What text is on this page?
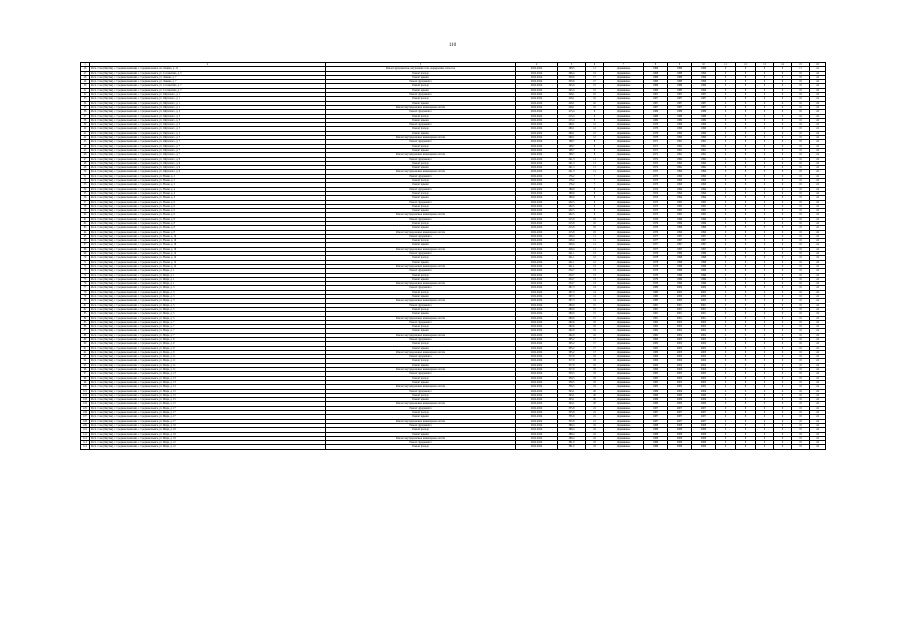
110
1	2	3	4	5	6	7	8	9	10	11	12	13	14	15	16
26	Респ. Саха (Якутия), г. Среднеколымский, с. Среднеколымск, пл. Ленина, д. 12	Ремонт фундаментов, внутренних стен, перекрытий, отмосток	2022-2024	198,5	11	Деревянные	1968	1988	1988	0	8	0	0	11	24
27	Респ. Саха (Якутия), г. Среднеколымский, с. Среднеколымск, ул. Соломатина, д. 5	Ремонт фасада	2022-2024	296,4	14	Деревянные	1968	1988	1994	0	8	0	0	10	24
28	Респ. Саха (Якутия), г. Среднеколымский, с. Среднеколымск, ул. Ленина, д. 7	Ремонт крыши	2022-2024	350,6	17	Деревянные	1969	1989	1996	0	8	0	0	10	24
29	Респ. Саха (Якутия), г. Среднеколымский, с. Среднеколымск, ул. Ленина, д. 7	Ремонт фундамента	2022-2024	350,6	17	Деревянные	1969	1989	1996	0	8	0	0	10	24
30	Респ. Саха (Якутия), г. Среднеколымский, с. Среднеколымск, ул. Соломатина, д. 7	Ремонт фасада	2022-2024	345,0	15	Деревянные	1969	1989	1996	0	8	0	0	10	24
31	Респ. Саха (Якутия), г. Среднеколымский, с. Среднеколымск, ул. Соломатина, д. 7	Ремонт крыши	2022-2024	345,0	15	Деревянные	1969	1989	1996	0	8	0	0	10	24
32	Респ. Саха (Якутия), г. Среднеколымский, с. Среднеколымск, ул. Ойунского, д. 1	Ремонт фундамента	2022-2024	228,1	10	Деревянные	1967	1987	1987	0	8	0	0	10	24
33	Респ. Саха (Якутия), г. Среднеколымский, с. Среднеколымск, ул. Ойунского, д. 1	Ремонт фасада	2022-2024	228,1	10	Деревянные	1967	1987	1987	0	8	0	0	10	24
34	Респ. Саха (Якутия), г. Среднеколымский, с. Среднеколымск, ул. Ойунского, д. 1	Ремонт крыши	2022-2024	228,1	10	Деревянные	1967	1987	1987	0	8	0	0	10	24
35	Респ. Саха (Якутия), г. Среднеколымский, с. Среднеколымск, ул. Ойунского, д. 1	Ремонт внутридомовых инженерных систем	2022-2024	228,1	10	Деревянные	1967	1987	1987	0	8	0	0	10	24
36	Респ. Саха (Якутия), г. Среднеколымский, с. Среднеколымск, ул. Ойунского, д. 3	Ремонт фундамента	2022-2024	215,4	9	Деревянные	1969	1989	1989	0	8	0	0	10	24
37	Респ. Саха (Якутия), г. Среднеколымский, с. Среднеколымск, ул. Ойунского, д. 3	Ремонт фасада	2022-2024	215,4	9	Деревянные	1969	1989	1989	0	8	0	0	10	24
38	Респ. Саха (Якутия), г. Среднеколымский, с. Среднеколымск, ул. Ойунского, д. 3	Ремонт крыши	2022-2024	215,4	9	Деревянные	1969	1989	1989	0	8	0	0	10	24
39	Респ. Саха (Якутия), г. Среднеколымский, с. Среднеколымск, ул. Ойунского, д. 5	Ремонт фундамента	2022-2024	260,1	12	Деревянные	1970	1990	1990	0	8	0	0	10	24
40	Респ. Саха (Якутия), г. Среднеколымский, с. Среднеколымск, ул. Ойунского, д. 5	Ремонт фасада	2022-2024	260,1	12	Деревянные	1970	1990	1990	0	8	0	0	10	24
41	Респ. Саха (Якутия), г. Среднеколымский, с. Среднеколымск, ул. Ойунского, д. 5	Ремонт крыши	2022-2024	260,1	12	Деревянные	1970	1990	1990	0	8	0	0	10	24
42	Респ. Саха (Якутия), г. Среднеколымский, с. Среднеколымск, ул. Ойунского, д. 5	Ремонт внутридомовых инженерных систем	2022-2024	260,1	12	Деревянные	1970	1990	1990	0	8	0	0	10	24
43	Респ. Саха (Якутия), г. Среднеколымский, с. Среднеколымск, ул. Ойунского, д. 7	Ремонт фундамента	2022-2024	198,7	8	Деревянные	1971	1991	1991	0	8	0	0	10	24
44	Респ. Саха (Якутия), г. Среднеколымский, с. Среднеколымск, ул. Ойунского, д. 7	Ремонт фасада	2022-2024	198,7	8	Деревянные	1971	1991	1991	0	8	0	0	10	24
45	Респ. Саха (Якутия), г. Среднеколымский, с. Среднеколымск, ул. Ойунского, д. 7	Ремонт крыши	2022-2024	198,7	8	Деревянные	1971	1991	1991	0	8	0	0	10	24
46	Респ. Саха (Якутия), г. Среднеколымский, с. Среднеколымск, ул. Ойунского, д. 7	Ремонт внутридомовых инженерных систем	2022-2024	198,7	8	Деревянные	1971	1991	1991	0	8	0	0	10	24
47	Респ. Саха (Якутия), г. Среднеколымский, с. Среднеколымск, ул. Ойунского, д. 9	Ремонт фундамента	2022-2024	241,3	11	Деревянные	1972	1992	1992	0	8	0	0	10	24
48	Респ. Саха (Якутия), г. Среднеколымский, с. Среднеколымск, ул. Ойунского, д. 9	Ремонт фасада	2022-2024	241,3	11	Деревянные	1972	1992	1992	0	8	0	0	10	24
49	Респ. Саха (Якутия), г. Среднеколымский, с. Среднеколымск, ул. Ойунского, д. 9	Ремонт крыши	2022-2024	241,3	11	Деревянные	1972	1992	1992	0	8	0	0	10	24
50	Респ. Саха (Якутия), г. Среднеколымский, с. Среднеколымск, ул. Ойунского, д. 9	Ремонт внутридомовых инженерных систем	2022-2024	241,3	11	Деревянные	1972	1992	1992	0	8	0	0	10	24
51	Респ. Саха (Якутия), г. Среднеколымский, с. Среднеколымск, ул. Новая, д. 2	Ремонт фундамента	2022-2024	176,2	7	Деревянные	1973	1993	1993	0	8	0	0	10	24
52	Респ. Саха (Якутия), г. Среднеколымский, с. Среднеколымск, ул. Новая, д. 2	Ремонт фасада	2022-2024	176,2	7	Деревянные	1973	1993	1993	0	8	0	0	10	24
53	Респ. Саха (Якутия), г. Среднеколымский, с. Среднеколымск, ул. Новая, д. 2	Ремонт крыши	2022-2024	176,2	7	Деревянные	1973	1993	1993	0	8	0	0	10	24
54	Респ. Саха (Якутия), г. Среднеколымский, с. Среднеколымск, ул. Новая, д. 4	Ремонт фундамента	2022-2024	189,9	8	Деревянные	1974	1994	1994	0	8	0	0	10	24
55	Респ. Саха (Якутия), г. Среднеколымский, с. Среднеколымск, ул. Новая, д. 4	Ремонт фасада	2022-2024	189,9	8	Деревянные	1974	1994	1994	0	8	0	0	10	24
56	Респ. Саха (Якутия), г. Среднеколымский, с. Среднеколымск, ул. Новая, д. 4	Ремонт крыши	2022-2024	189,9	8	Деревянные	1974	1994	1994	0	8	0	0	10	24
57	Респ. Саха (Якутия), г. Среднеколымский, с. Среднеколымск, ул. Новая, д. 6	Ремонт фундамента	2022-2024	202,5	9	Деревянные	1975	1995	1995	0	8	0	0	10	24
58	Респ. Саха (Якутия), г. Среднеколымский, с. Среднеколымск, ул. Новая, д. 6	Ремонт фасада	2022-2024	202,5	9	Деревянные	1975	1995	1995	0	8	0	0	10	24
59	Респ. Саха (Якутия), г. Среднеколымский, с. Среднеколымск, ул. Новая, д. 6	Ремонт крыши	2022-2024	202,5	9	Деревянные	1975	1995	1995	0	8	0	0	10	24
60	Респ. Саха (Якутия), г. Среднеколымский, с. Среднеколымск, ул. Новая, д. 6	Ремонт внутридомовых инженерных систем	2022-2024	202,5	9	Деревянные	1975	1995	1995	0	8	0	0	10	24
61	Респ. Саха (Якутия), г. Среднеколымский, с. Среднеколымск, ул. Новая, д. 8	Ремонт фундамента	2022-2024	215,8	10	Деревянные	1976	1996	1996	0	8	0	0	10	24
62	Респ. Саха (Якутия), г. Среднеколымский, с. Среднеколымск, ул. Новая, д. 8	Ремонт фасада	2022-2024	215,8	10	Деревянные	1976	1996	1996	0	8	0	0	10	24
63	Респ. Саха (Якутия), г. Среднеколымский, с. Среднеколымск, ул. Новая, д. 8	Ремонт крыши	2022-2024	215,8	10	Деревянные	1976	1996	1996	0	8	0	0	10	24
64	Респ. Саха (Якутия), г. Среднеколымский, с. Среднеколымск, ул. Новая, д. 8	Ремонт внутридомовых инженерных систем	2022-2024	215,8	10	Деревянные	1976	1996	1996	0	8	0	0	10	24
65	Респ. Саха (Якутия), г. Среднеколымский, с. Среднеколымск, ул. Новая, д. 10	Ремонт фундамента	2022-2024	228,4	11	Деревянные	1977	1997	1997	0	8	0	0	10	24
66	Респ. Саха (Якутия), г. Среднеколымский, с. Среднеколымск, ул. Новая, д. 10	Ремонт фасада	2022-2024	228,4	11	Деревянные	1977	1997	1997	0	8	0	0	10	24
67	Респ. Саха (Якутия), г. Среднеколымский, с. Среднеколымск, ул. Новая, д. 10	Ремонт крыши	2022-2024	228,4	11	Деревянные	1977	1997	1997	0	8	0	0	10	24
68	Респ. Саха (Якутия), г. Среднеколымский, с. Среднеколымск, ул. Новая, д. 10	Ремонт внутридомовых инженерных систем	2022-2024	228,4	11	Деревянные	1977	1997	1997	0	8	0	0	10	24
69	Респ. Саха (Якутия), г. Среднеколымский, с. Среднеколымск, ул. Новая, д. 12	Ремонт фундамента	2022-2024	241,1	12	Деревянные	1978	1998	1998	0	8	0	0	10	24
70	Респ. Саха (Якутия), г. Среднеколымский, с. Среднеколымск, ул. Новая, д. 12	Ремонт фасада	2022-2024	241,1	12	Деревянные	1978	1998	1998	0	8	0	0	10	24
71	Респ. Саха (Якутия), г. Среднеколымский, с. Среднеколымск, ул. Новая, д. 12	Ремонт крыши	2022-2024	241,1	12	Деревянные	1978	1998	1998	0	8	0	0	10	24
72	Респ. Саха (Якутия), г. Среднеколымский, с. Среднеколымск, ул. Новая, д. 12	Ремонт внутридомовых инженерных систем	2022-2024	241,1	12	Деревянные	1978	1998	1998	0	8	0	0	10	24
73	Респ. Саха (Якутия), г. Среднеколымский, с. Среднеколымск, ул. Мира, д. 1	Ремонт фундамента	2022-2024	254,7	13	Деревянные	1979	1999	1999	0	8	0	0	10	24
74	Респ. Саха (Якутия), г. Среднеколымский, с. Среднеколымск, ул. Мира, д. 1	Ремонт фасада	2022-2024	254,7	13	Деревянные	1979	1999	1999	0	8	0	0	10	24
75	Респ. Саха (Якутия), г. Среднеколымский, с. Среднеколымск, ул. Мира, д. 1	Ремонт крыши	2022-2024	254,7	13	Деревянные	1979	1999	1999	0	8	0	0	10	24
76	Респ. Саха (Якутия), г. Среднеколымский, с. Среднеколымск, ул. Мира, д. 1	Ремонт внутридомовых инженерных систем	2022-2024	254,7	13	Деревянные	1979	1999	1999	0	8	0	0	10	24
77	Респ. Саха (Якутия), г. Среднеколымский, с. Среднеколымск, ул. Мира, д. 3	Ремонт фундамента	2022-2024	267,3	14	Деревянные	1980	2000	2000	0	8	0	0	10	24
78	Респ. Саха (Якутия), г. Среднеколымский, с. Среднеколымск, ул. Мира, д. 3	Ремонт фасада	2022-2024	267,3	14	Деревянные	1980	2000	2000	0	8	0	0	10	24
79	Респ. Саха (Якутия), г. Среднеколымский, с. Среднеколымск, ул. Мира, д. 3	Ремонт крыши	2022-2024	267,3	14	Деревянные	1980	2000	2000	0	8	0	0	10	24
80	Респ. Саха (Якутия), г. Среднеколымский, с. Среднеколымск, ул. Мира, д. 3	Ремонт внутридомовых инженерных систем	2022-2024	267,3	14	Деревянные	1980	2000	2000	0	8	0	0	10	24
81	Респ. Саха (Якутия), г. Среднеколымский, с. Среднеколымск, ул. Мира, д. 5	Ремонт фундамента	2022-2024	280,0	15	Деревянные	1981	2001	2001	0	8	0	0	10	24
82	Респ. Саха (Якутия), г. Среднеколымский, с. Среднеколымск, ул. Мира, д. 5	Ремонт фасада	2022-2024	280,0	15	Деревянные	1981	2001	2001	0	8	0	0	10	24
83	Респ. Саха (Якутия), г. Среднеколымский, с. Среднеколымск, ул. Мира, д. 5	Ремонт крыши	2022-2024	280,0	15	Деревянные	1981	2001	2001	0	8	0	0	10	24
84	Респ. Саха (Якутия), г. Среднеколымский, с. Среднеколымск, ул. Мира, д. 5	Ремонт внутридомовых инженерных систем	2022-2024	280,0	15	Деревянные	1981	2001	2001	0	8	0	0	10	24
85	Респ. Саха (Якутия), г. Среднеколымский, с. Среднеколымск, ул. Мира, д. 7	Ремонт фундамента	2022-2024	292,6	16	Деревянные	1982	2002	2002	0	8	0	0	10	24
86	Респ. Саха (Якутия), г. Среднеколымский, с. Среднеколымск, ул. Мира, д. 7	Ремонт фасада	2022-2024	292,6	16	Деревянные	1982	2002	2002	0	8	0	0	10	24
87	Респ. Саха (Якутия), г. Среднеколымский, с. Среднеколымск, ул. Мира, д. 7	Ремонт крыши	2022-2024	292,6	16	Деревянные	1982	2002	2002	0	8	0	0	10	24
88	Респ. Саха (Якутия), г. Среднеколымский, с. Среднеколымск, ул. Мира, д. 7	Ремонт внутридомовых инженерных систем	2022-2024	292,6	16	Деревянные	1982	2002	2002	0	8	0	0	10	24
89	Респ. Саха (Якутия), г. Среднеколымский, с. Среднеколымск, ул. Мира, д. 9	Ремонт фундамента	2022-2024	305,2	17	Деревянные	1983	2003	2003	0	8	0	0	10	24
90	Респ. Саха (Якутия), г. Среднеколымский, с. Среднеколымск, ул. Мира, д. 9	Ремонт фасада	2022-2024	305,2	17	Деревянные	1983	2003	2003	0	8	0	0	10	24
91	Респ. Саха (Якутия), г. Среднеколымский, с. Среднеколымск, ул. Мира, д. 9	Ремонт крыши	2022-2024	305,2	17	Деревянные	1983	2003	2003	0	8	0	0	10	24
92	Респ. Саха (Якутия), г. Среднеколымский, с. Среднеколымск, ул. Мира, д. 9	Ремонт внутридомовых инженерных систем	2022-2024	305,2	17	Деревянные	1983	2003	2003	0	8	0	0	10	24
93	Респ. Саха (Якутия), г. Среднеколымский, с. Среднеколымск, ул. Мира, д. 11	Ремонт фундамента	2022-2024	317,9	18	Деревянные	1984	2004	2004	0	8	0	0	10	24
94	Респ. Саха (Якутия), г. Среднеколымский, с. Среднеколымск, ул. Мира, д. 11	Ремонт фасада	2022-2024	317,9	18	Деревянные	1984	2004	2004	0	8	0	0	10	24
95	Респ. Саха (Якутия), г. Среднеколымский, с. Среднеколымск, ул. Мира, д. 11	Ремонт крыши	2022-2024	317,9	18	Деревянные	1984	2004	2004	0	8	0	0	10	24
96	Респ. Саха (Якутия), г. Среднеколымский, с. Среднеколымск, ул. Мира, д. 11	Ремонт внутридомовых инженерных систем	2022-2024	317,9	18	Деревянные	1984	2004	2004	0	8	0	0	10	24
97	Респ. Саха (Якутия), г. Среднеколымский, с. Среднеколымск, ул. Мира, д. 13	Ремонт фундамента	2022-2024	330,5	19	Деревянные	1985	2005	2005	0	8	0	0	10	24
98	Респ. Саха (Якутия), г. Среднеколымский, с. Среднеколымск, ул. Мира, д. 13	Ремонт фасада	2022-2024	330,5	19	Деревянные	1985	2005	2005	0	8	0	0	10	24
99	Респ. Саха (Якутия), г. Среднеколымский, с. Среднеколымск, ул. Мира, д. 13	Ремонт крыши	2022-2024	330,5	19	Деревянные	1985	2005	2005	0	8	0	0	10	24
100	Респ. Саха (Якутия), г. Среднеколымский, с. Среднеколымск, ул. Мира, д. 13	Ремонт внутридомовых инженерных систем	2022-2024	330,5	19	Деревянные	1985	2005	2005	0	8	0	0	10	24
101	Респ. Саха (Якутия), г. Среднеколымский, с. Среднеколымск, ул. Мира, д. 15	Ремонт фундамента	2022-2024	343,1	20	Деревянные	1986	2006	2006	0	8	0	0	10	24
102	Респ. Саха (Якутия), г. Среднеколымский, с. Среднеколымск, ул. Мира, д. 15	Ремонт фасада	2022-2024	343,1	20	Деревянные	1986	2006	2006	0	8	0	0	10	24
103	Респ. Саха (Якутия), г. Среднеколымский, с. Среднеколымск, ул. Мира, д. 15	Ремонт крыши	2022-2024	343,1	20	Деревянные	1986	2006	2006	0	8	0	0	10	24
104	Респ. Саха (Якутия), г. Среднеколымский, с. Среднеколымск, ул. Мира, д. 15	Ремонт внутридомовых инженерных систем	2022-2024	343,1	20	Деревянные	1986	2006	2006	0	8	0	0	10	24
105	Респ. Саха (Якутия), г. Среднеколымский, с. Среднеколымск, ул. Мира, д. 17	Ремонт фундамента	2022-2024	355,8	21	Деревянные	1987	2007	2007	0	8	0	0	10	24
106	Респ. Саха (Якутия), г. Среднеколымский, с. Среднеколымск, ул. Мира, д. 17	Ремонт фасада	2022-2024	355,8	21	Деревянные	1987	2007	2007	0	8	0	0	10	24
107	Респ. Саха (Якутия), г. Среднеколымский, с. Среднеколымск, ул. Мира, д. 17	Ремонт крыши	2022-2024	355,8	21	Деревянные	1987	2007	2007	0	8	0	0	10	24
108	Респ. Саха (Якутия), г. Среднеколымский, с. Среднеколымск, ул. Мира, д. 17	Ремонт внутридомовых инженерных систем	2022-2024	355,8	21	Деревянные	1987	2007	2007	0	8	0	0	10	24
109	Респ. Саха (Якутия), г. Среднеколымский, с. Среднеколымск, ул. Мира, д. 19	Ремонт фундамента	2022-2024	368,4	22	Деревянные	1988	2008	2008	0	8	0	0	10	24
110	Респ. Саха (Якутия), г. Среднеколымский, с. Среднеколымск, ул. Мира, д. 19	Ремонт фасада	2022-2024	368,4	22	Деревянные	1988	2008	2008	0	8	0	0	10	24
111	Респ. Саха (Якутия), г. Среднеколымский, с. Среднеколымск, ул. Мира, д. 19	Ремонт крыши	2022-2024	368,4	22	Деревянные	1988	2008	2008	0	8	0	0	10	24
112	Респ. Саха (Якутия), г. Среднеколымский, с. Среднеколымск, ул. Мира, д. 19	Ремонт внутридомовых инженерных систем	2022-2024	368,4	22	Деревянные	1988	2008	2008	0	8	0	0	10	24
113	Респ. Саха (Якутия), г. Среднеколымский, с. Среднеколымск, ул. Мира, д. 21	Ремонт фундамента	2022-2024	381,0	23	Деревянные	1989	2009	2009	0	8	0	0	10	24
114	Респ. Саха (Якутия), г. Среднеколымский, с. Среднеколымск, ул. Мира, д. 21	Ремонт фасада	2022-2024	381,0	23	Деревянные	1989	2009	2009	0	8	0	0	10	24
